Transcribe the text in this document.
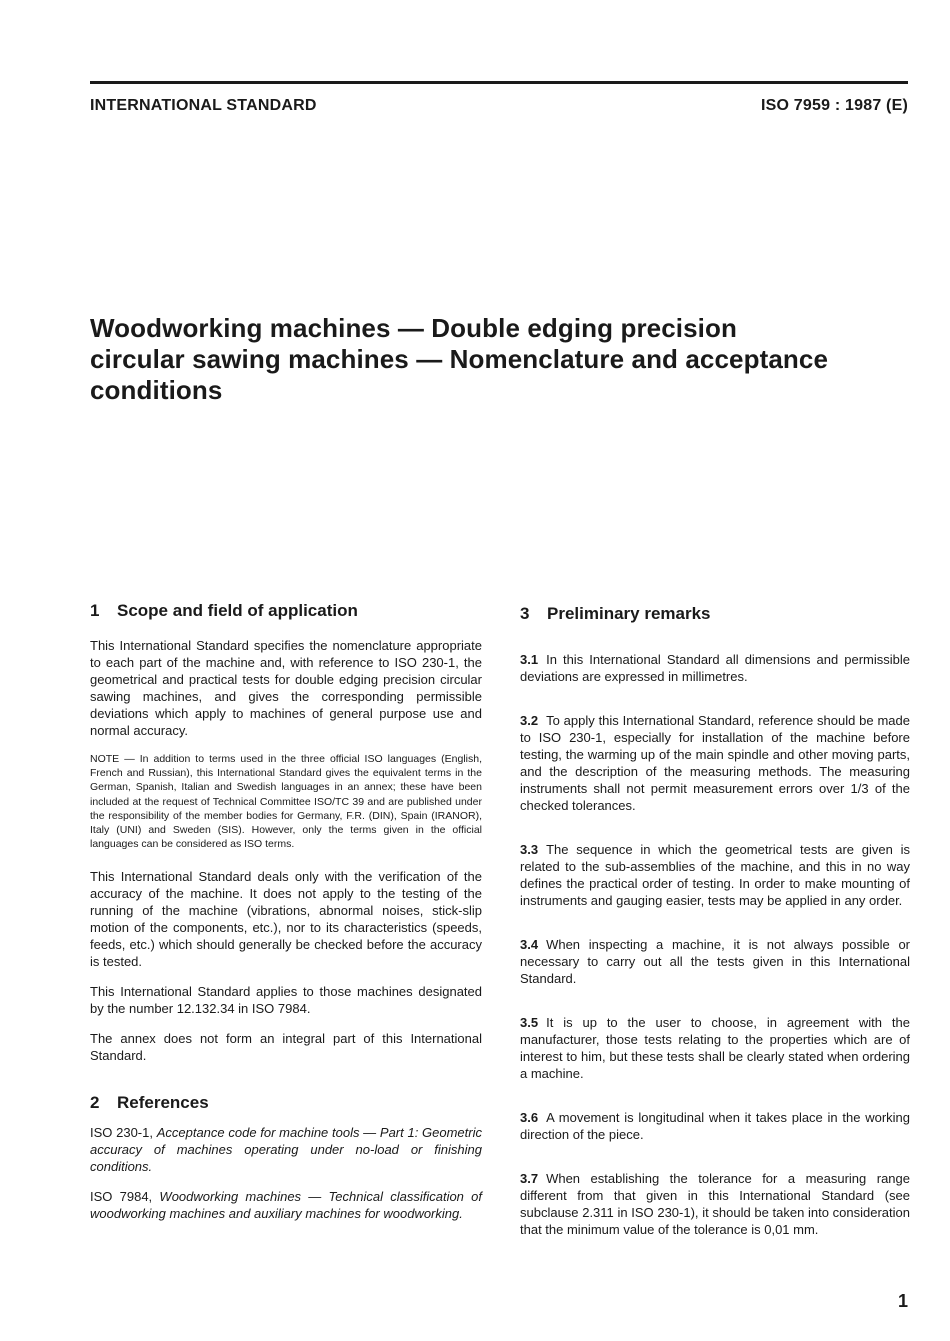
INTERNATIONAL STANDARD	ISO 7959 : 1987 (E)
Woodworking machines — Double edging precision
circular sawing machines — Nomenclature and acceptance
conditions
1 Scope and field of application

This International Standard specifies the nomenclature appropriate to each part of the machine and, with reference to ISO 230-1, the geometrical and practical tests for double edging precision circular sawing machines, and gives the corresponding permissible deviations which apply to machines of general purpose use and normal accuracy.

NOTE — In addition to terms used in the three official ISO languages (English, French and Russian), this International Standard gives the equivalent terms in the German, Spanish, Italian and Swedish languages in an annex; these have been included at the request of Technical Committee ISO/TC 39 and are published under the responsibility of the member bodies for Germany, F.R. (DIN), Spain (IRANOR), Italy (UNI) and Sweden (SIS). However, only the terms given in the official languages can be considered as ISO terms.

This International Standard deals only with the verification of the accuracy of the machine. It does not apply to the testing of the running of the machine (vibrations, abnormal noises, stick-slip motion of the components, etc.), nor to its characteristics (speeds, feeds, etc.) which should generally be checked before the accuracy is tested.

This International Standard applies to those machines designated by the number 12.132.34 in ISO 7984.

The annex does not form an integral part of this International Standard.

2 References

ISO 230-1, Acceptance code for machine tools — Part 1: Geometric accuracy of machines operating under no-load or finishing conditions.

ISO 7984, Woodworking machines — Technical classification of woodworking machines and auxiliary machines for woodworking.

3 Preliminary remarks

3.1 In this International Standard all dimensions and permissible deviations are expressed in millimetres.

3.2 To apply this International Standard, reference should be made to ISO 230-1, especially for installation of the machine before testing, the warming up of the main spindle and other moving parts, and the description of the measuring methods. The measuring instruments shall not permit measurement errors over 1/3 of the checked tolerances.

3.3 The sequence in which the geometrical tests are given is related to the sub-assemblies of the machine, and this in no way defines the practical order of testing. In order to make mounting of instruments and gauging easier, tests may be applied in any order.

3.4 When inspecting a machine, it is not always possible or necessary to carry out all the tests given in this International Standard.

3.5 It is up to the user to choose, in agreement with the manufacturer, those tests relating to the properties which are of interest to him, but these tests shall be clearly stated when ordering a machine.

3.6 A movement is longitudinal when it takes place in the working direction of the piece.

3.7 When establishing the tolerance for a measuring range different from that given in this International Standard (see subclause 2.311 in ISO 230-1), it should be taken into consideration that the minimum value of the tolerance is 0,01 mm.

1
